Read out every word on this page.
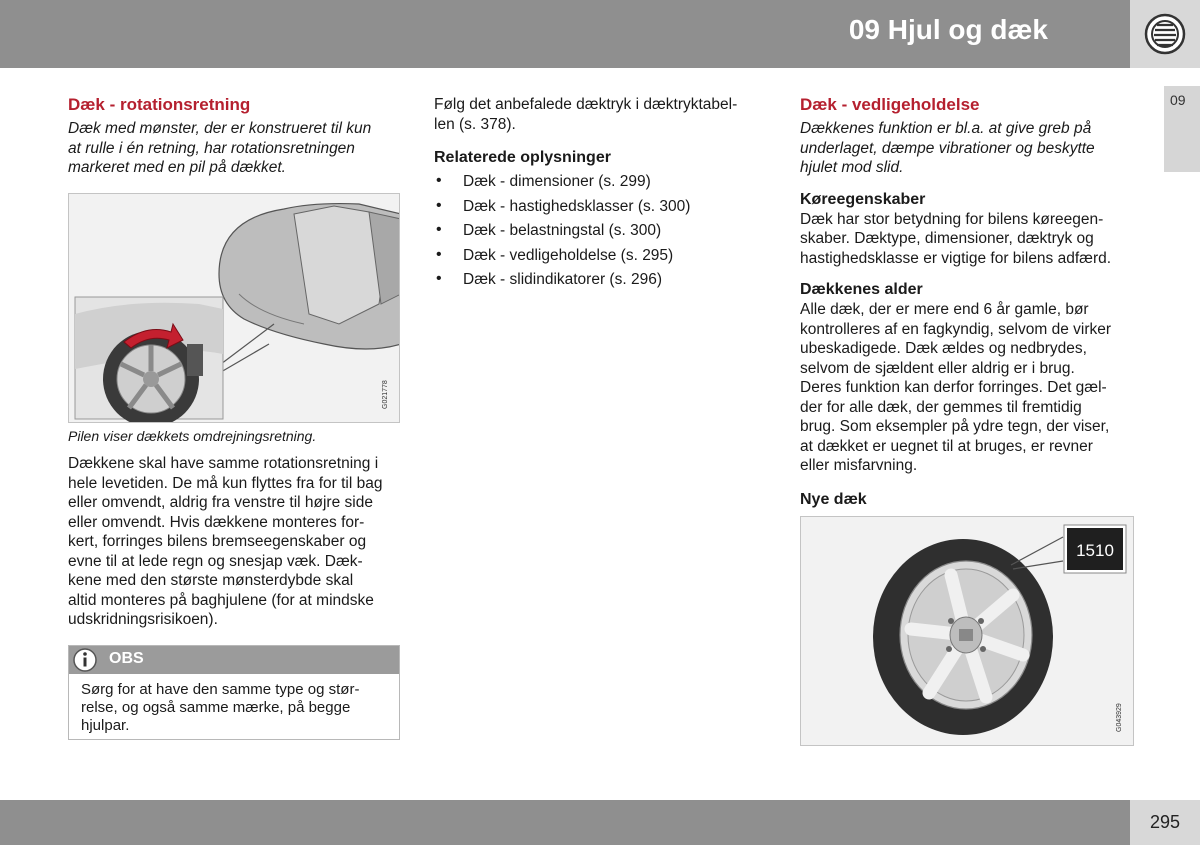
09 Hjul og dæk
09
Dæk - rotationsretning
Dæk med mønster, der er konstrueret til kun
at rulle i én retning, har rotationsretningen
markeret med en pil på dækket.
G021778
Pilen viser dækkets omdrejningsretning.
Dækkene skal have samme rotationsretning i
hele levetiden. De må kun flyttes fra for til bag
eller omvendt, aldrig fra venstre til højre side
eller omvendt. Hvis dækkene monteres for-
kert, forringes bilens bremseegenskaber og
evne til at lede regn og snesjap væk. Dæk-
kene med den største mønsterdybde skal
altid monteres på baghjulene (for at mindske
udskridningsrisikoen).
OBS
Sørg for at have den samme type og stør-
relse, og også samme mærke, på begge
hjulpar.
Følg det anbefalede dæktryk i dæktryktabel-
len (s. 378).
Relaterede oplysninger
• Dæk - dimensioner (s. 299)
• Dæk - hastighedsklasser (s. 300)
• Dæk - belastningstal (s. 300)
• Dæk - vedligeholdelse (s. 295)
• Dæk - slidindikatorer (s. 296)
Dæk - vedligeholdelse
Dækkenes funktion er bl.a. at give greb på
underlaget, dæmpe vibrationer og beskytte
hjulet mod slid.
Køreegenskaber
Dæk har stor betydning for bilens køreegen-
skaber. Dæktype, dimensioner, dæktryk og
hastighedsklasse er vigtige for bilens adfærd.
Dækkenes alder
Alle dæk, der er mere end 6 år gamle, bør
kontrolleres af en fagkyndig, selvom de virker
ubeskadigede. Dæk ældes og nedbrydes,
selvom de sjældent eller aldrig er i brug.
Deres funktion kan derfor forringes. Det gæl-
der for alle dæk, der gemmes til fremtidig
brug. Som eksempler på ydre tegn, der viser,
at dækket er uegnet til at bruges, er revner
eller misfarvning.
Nye dæk
1510
G043929
295
